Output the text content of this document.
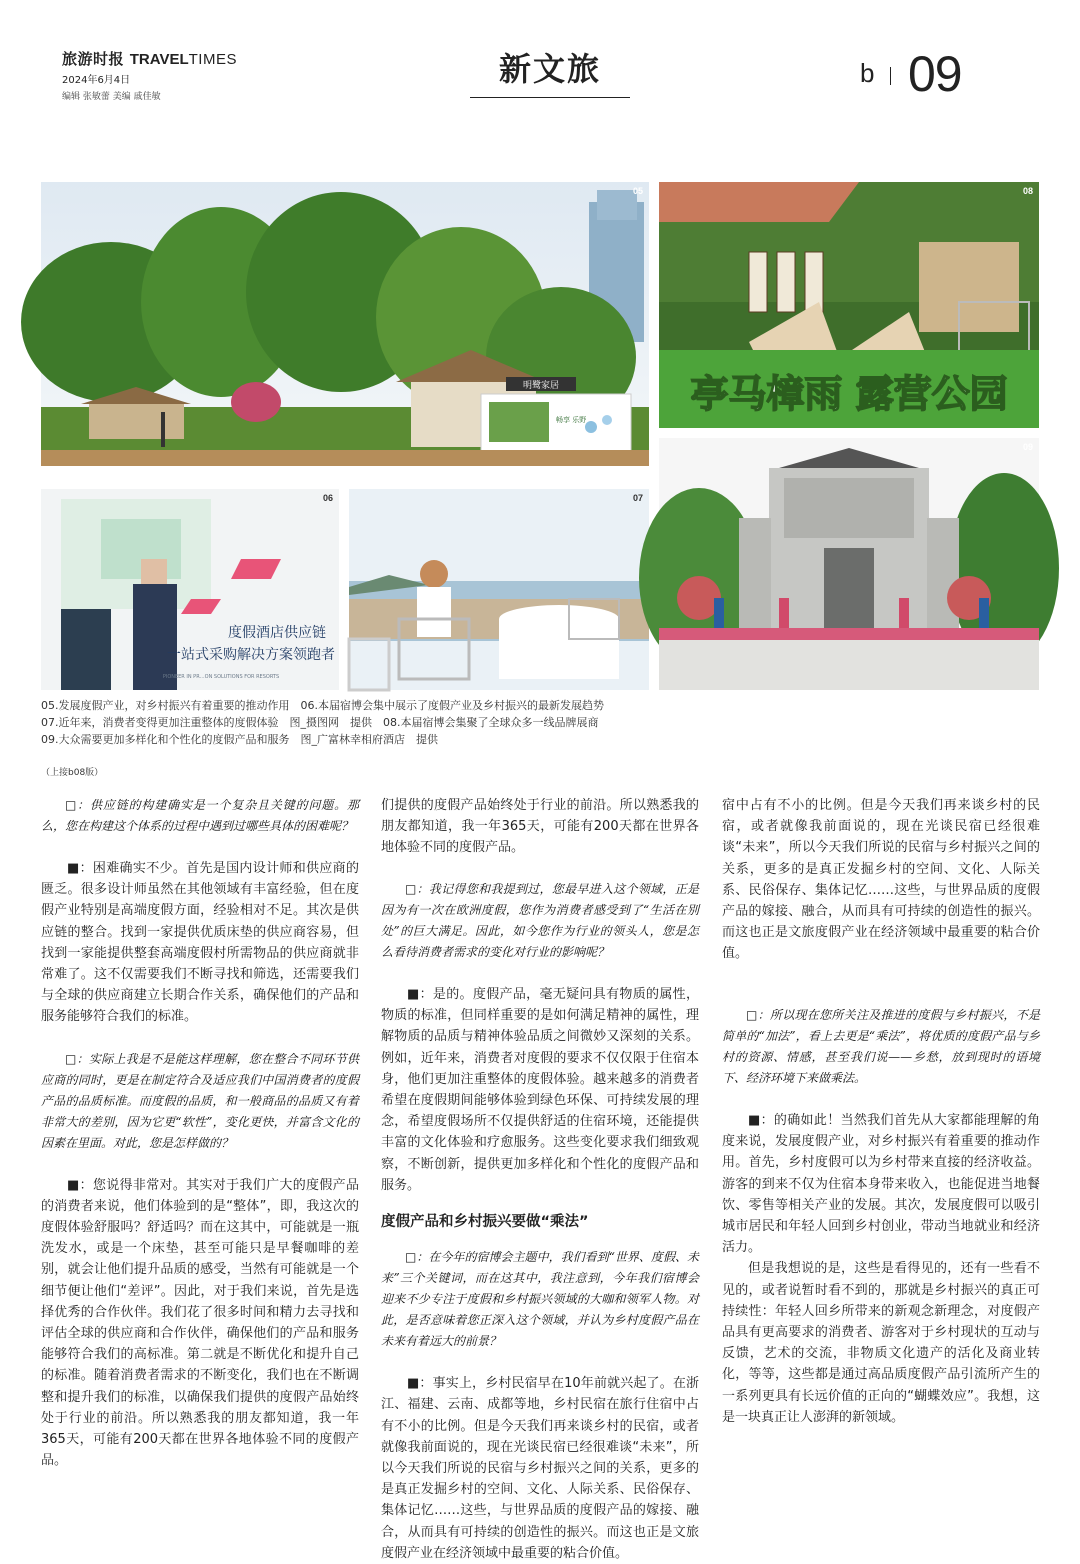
旅游时报 TRAVELTIMES
2024年6月4日
编辑 张敏蕾 美编 戚佳敏
新文旅	b 09
明鹭家居
畅享 乐野
05
亭马樟雨 露营公园
08
度假酒店供应链
一站式采购解决方案领跑者
PIONEER IN PR…ON SOLUTIONS FOR RESORTS
06	07
09
05.发展度假产业，对乡村振兴有着重要的推动作用　06.本届宿博会集中展示了度假产业及乡村振兴的最新发展趋势
07.近年来，消费者变得更加注重整体的度假体验　图_摄图网　提供　08.本届宿博会集聚了全球众多一线品牌展商
09.大众需要更加多样化和个性化的度假产品和服务　图_广富林幸相府酒店　提供
（上接b08版）

□：供应链的构建确实是一个复杂且关键的问题。那么，您在构建这个体系的过程中遇到过哪些具体的困难呢？

■：困难确实不少。首先是国内设计师和供应商的匮乏。很多设计师虽然在其他领域有丰富经验，但在度假产业特别是高端度假方面，经验相对不足。其次是供应链的整合。找到一家提供优质床垫的供应商容易，但找到一家能提供整套高端度假村所需物品的供应商就非常难了。这不仅需要我们不断寻找和筛选，还需要我们与全球的供应商建立长期合作关系，确保他们的产品和服务能够符合我们的标准。

□：实际上我是不是能这样理解，您在整合不同环节供应商的同时，更是在制定符合及适应我们中国消费者的度假产品的品质标准。而度假的品质，和一般商品的品质又有着非常大的差别，因为它更“软性”，变化更快，并富含文化的因素在里面。对此，您是怎样做的？

■：您说得非常对。其实对于我们广大的度假产品的消费者来说，他们体验到的是“整体”，即，我这次的度假体验舒服吗？舒适吗？而在这其中，可能就是一瓶洗发水，或是一个床垫，甚至可能只是早餐咖啡的差别，就会让他们提升品质的感受，当然有可能就是一个细节便让他们“差评”。因此，对于我们来说，首先是选择优秀的合作伙伴。我们花了很多时间和精力去寻找和评估全球的供应商和合作伙伴，确保他们的产品和服务能够符合我们的高标准。第二就是不断优化和提升自己的标准。随着消费者需求的不断变化，我们也在不断调整和提升我们的标准，以确保我们提供的度假产品始终处于行业的前沿。所以熟悉我的朋友都知道，我一年365天，可能有200天都在世界各地体验不同的度假产品。

们提供的度假产品始终处于行业的前沿。所以熟悉我的朋友都知道，我一年365天，可能有200天都在世界各地体验不同的度假产品。

□：我记得您和我提到过，您最早进入这个领域，正是因为有一次在欧洲度假，您作为消费者感受到了“生活在别处”的巨大满足。因此，如今您作为行业的领头人，您是怎么看待消费者需求的变化对行业的影响呢？

■：是的。度假产品，毫无疑问具有物质的属性，物质的标准，但同样重要的是如何满足精神的属性，理解物质的品质与精神体验品质之间微妙又深刻的关系。例如，近年来，消费者对度假的要求不仅仅限于住宿本身，他们更加注重整体的度假体验。越来越多的消费者希望在度假期间能够体验到绿色环保、可持续发展的理念，希望度假场所不仅提供舒适的住宿环境，还能提供丰富的文化体验和疗愈服务。这些变化要求我们细致观察，不断创新，提供更加多样化和个性化的度假产品和服务。

度假产品和乡村振兴要做“乘法”

□：在今年的宿博会主题中，我们看到“世界、度假、未来”三个关键词，而在这其中，我注意到，今年我们宿博会迎来不少专注于度假和乡村振兴领域的大咖和领军人物。对此，是否意味着您正深入这个领域，并认为乡村度假产品在未来有着远大的前景？

■：事实上，乡村民宿早在10年前就兴起了。在浙江、福建、云南、成都等地，乡村民宿在旅行住宿中占有不小的比例。但是今天我们再来谈乡村的民宿，或者就像我前面说的，现在光谈民宿已经很难谈“未来”，所以今天我们所说的民宿与乡村振兴之间的关系，更多的是真正发掘乡村的空间、文化、人际关系、民俗保存、集体记忆……这些，与世界品质的度假产品的嫁接、融合，从而具有可持续的创造性的振兴。而这也正是文旅度假产业在经济领域中最重要的粘合价值。

宿中占有不小的比例。但是今天我们再来谈乡村的民宿，或者就像我前面说的，现在光谈民宿已经很难谈“未来”，所以今天我们所说的民宿与乡村振兴之间的关系，更多的是真正发掘乡村的空间、文化、人际关系、民俗保存、集体记忆……这些，与世界品质的度假产品的嫁接、融合，从而具有可持续的创造性的振兴。而这也正是文旅度假产业在经济领域中最重要的粘合价值。

□：所以现在您所关注及推进的度假与乡村振兴，不是简单的“加法”，看上去更是“乘法”，将优质的度假产品与乡村的资源、情感，甚至我们说——乡愁，放到现时的语境下、经济环境下来做乘法。

■：的确如此！当然我们首先从大家都能理解的角度来说，发展度假产业，对乡村振兴有着重要的推动作用。首先，乡村度假可以为乡村带来直接的经济收益。游客的到来不仅为住宿本身带来收入，也能促进当地餐饮、零售等相关产业的发展。其次，发展度假可以吸引城市居民和年轻人回到乡村创业，带动当地就业和经济活力。

但是我想说的是，这些是看得见的，还有一些看不见的，或者说暂时看不到的，那就是乡村振兴的真正可持续性：年轻人回乡所带来的新观念新理念，对度假产品具有更高要求的消费者、游客对于乡村现状的互动与反馈，艺术的交流，非物质文化遗产的活化及商业转化，等等，这些都是通过高品质度假产品引流所产生的一系列更具有长远价值的正向的“蝴蝶效应”。我想，这是一块真正让人澎湃的新领域。
